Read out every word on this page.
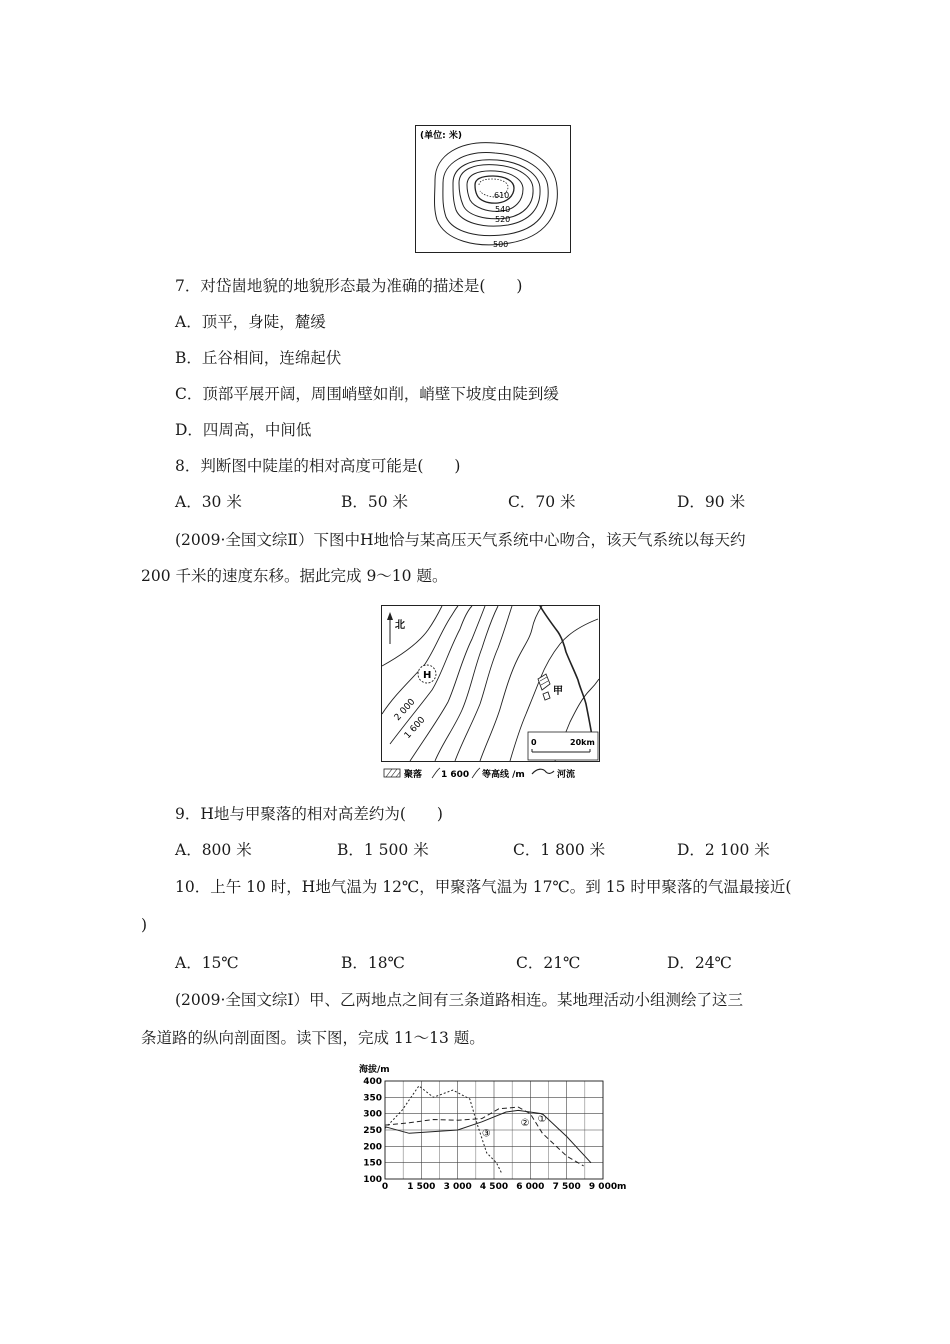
(单位: 米)
610
540
520
500
7．对岱崮地貌的地貌形态最为准确的描述是(　　)
A．顶平，身陡，麓缓
B．丘谷相间，连绵起伏
C．顶部平展开阔，周围峭壁如削，峭壁下坡度由陡到缓
D．四周高，中间低
8．判断图中陡崖的相对高度可能是(　　)
A．30 米	B．50 米	C．70 米	D．90 米
(2009·全国文综Ⅱ）下图中H地恰与某高压天气系统中心吻合，该天气系统以每天约
200 千米的速度东移。据此完成 9～10 题。
北
H
甲
2 000
1 600
0	20km
聚落 1 600 等高线 /m	河流
9．H地与甲聚落的相对高差约为(　　)
A．800 米	B．1 500 米	C．1 800 米	D．2 100 米
10．上午 10 时，H地气温为 12℃，甲聚落气温为 17℃。到 15 时甲聚落的气温最接近(
)
A．15℃	B．18℃	C．21℃	D．24℃
(2009·全国文综Ⅰ）甲、乙两地点之间有三条道路相连。某地理活动小组测绘了这三
条道路的纵向剖面图。读下图，完成 11～13 题。
100
150
200
250
300
350
400
0 1 500 3 000 4 500 6 000 7 500 9 000
海拔/m
m
①
②
③
